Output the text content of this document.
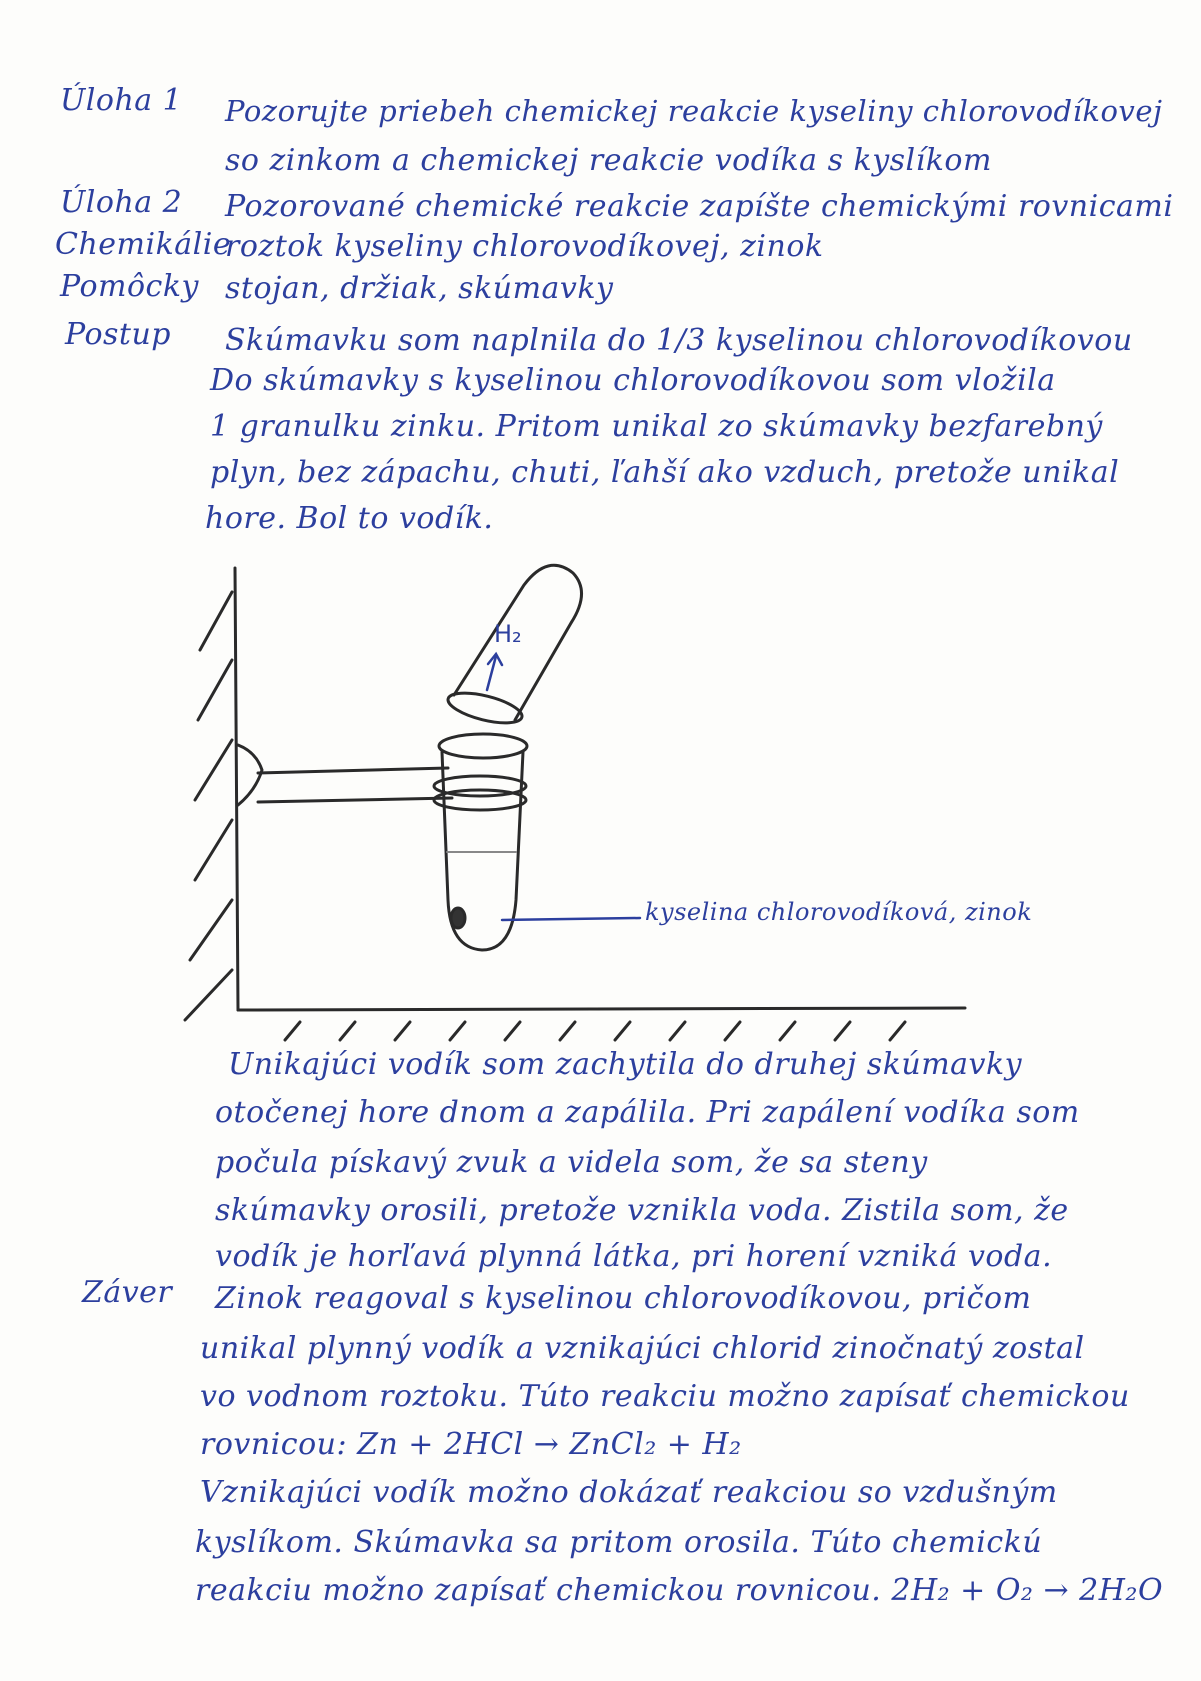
Úloha 1 Pozorujte priebeh chemickej reakcie kyseliny chlorovodíkovej
so zinkom a chemickej reakcie vodíka s kyslíkom
Úloha 2 Pozorované chemické reakcie zapíšte chemickými rovnicami
Chemikálie
roztok kyseliny chlorovodíkovej, zinok
Pomôcky stojan, držiak, skúmavky
Postup Skúmavku som naplnila do 1/3 kyselinou chlorovodíkovou
Do skúmavky s kyselinou chlorovodíkovou som vložila
1 granulku zinku. Pritom unikal zo skúmavky bezfarebný
plyn, bez zápachu, chuti, ľahší ako vzduch, pretože unikal
hore. Bol to vodík.
H₂
kyselina chlorovodíková, zinok
Unikajúci vodík som zachytila do druhej skúmavky
otočenej hore dnom a zapálila. Pri zapálení vodíka som
počula pískavý zvuk a videla som, že sa steny
skúmavky orosili, pretože vznikla voda. Zistila som, že
vodík je horľavá plynná látka, pri horení vzniká voda.
Záver Zinok reagoval s kyselinou chlorovodíkovou, pričom
unikal plynný vodík a vznikajúci chlorid zinočnatý zostal
vo vodnom roztoku. Túto reakciu možno zapísať chemickou
rovnicou: Zn + 2HCl → ZnCl₂ + H₂
Vznikajúci vodík možno dokázať reakciou so vzdušným
kyslíkom. Skúmavka sa pritom orosila. Túto chemickú
reakciu možno zapísať chemickou rovnicou. 2H₂ + O₂ → 2H₂O
